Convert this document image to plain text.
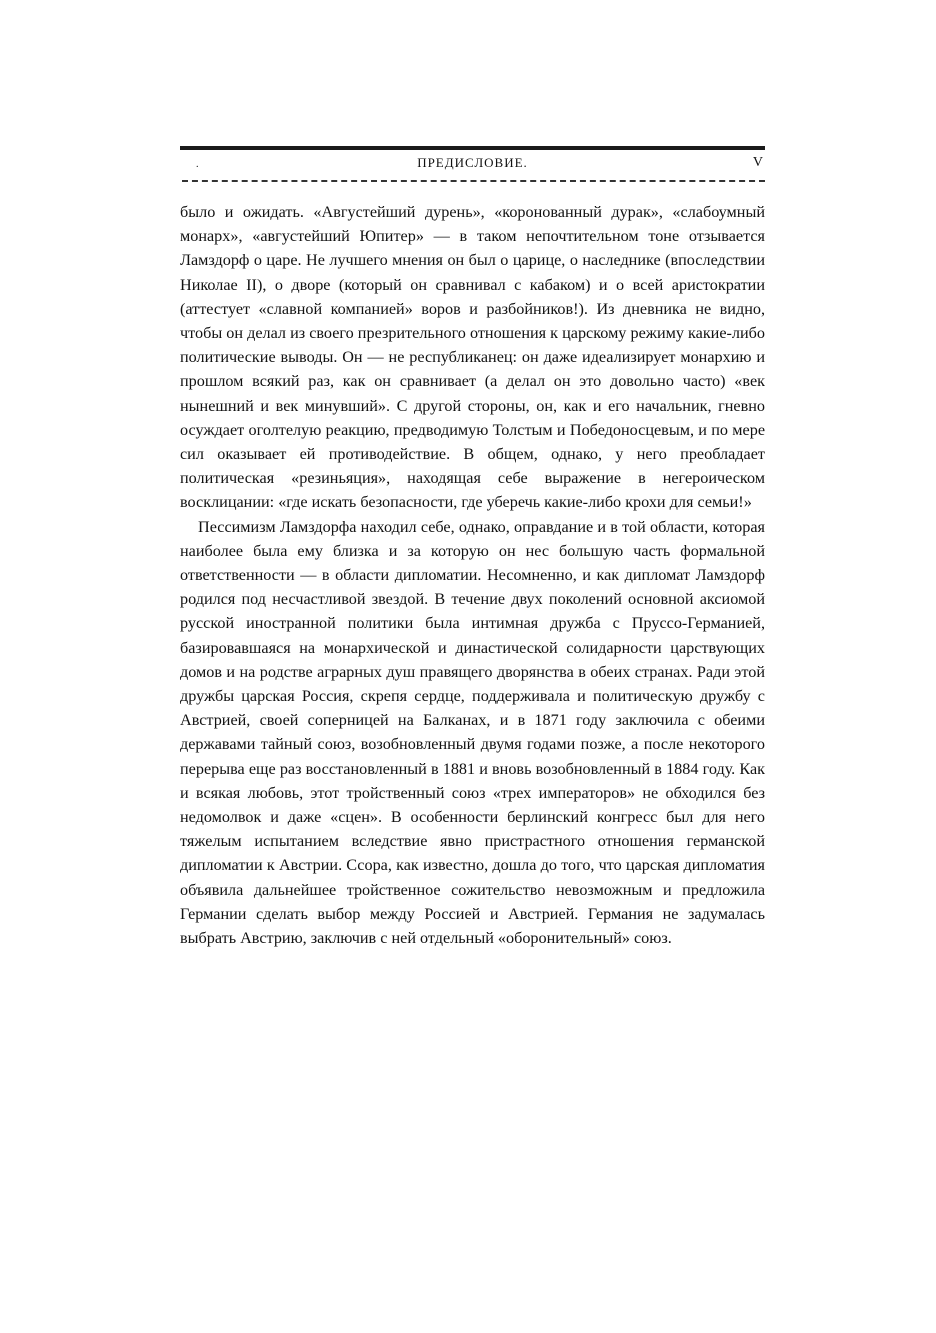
.	ПРЕДИСЛОВИЕ.	V

было и ожидать. «Августейший дурень», «коронованный дурак», «слабоумный монарх», «августейший Юпитер» — в таком непочтительном тоне отзывается Ламздорф о царе. Не лучшего мнения он был о царице, о наследнике (впоследствии Николае II), о дворе (который он сравнивал с кабаком) и о всей аристократии (аттестует «славной компанией» воров и разбойников!). Из дневника не видно, чтобы он делал из своего презрительного отношения к царскому режиму какие-либо политические выводы. Он — не республиканец: он даже идеализирует монархию и прошлом всякий раз, как он сравнивает (а делал он это довольно часто) «век нынешний и век минувший». С другой стороны, он, как и его начальник, гневно осуждает оголтелую реакцию, предводимую Толстым и Победоносцевым, и по мере сил оказывает ей противодействие. В общем, однако, у него преобладает политическая «резиньяция», находящая себе выражение в негероическом восклицании: «где искать безопасности, где уберечь какие-либо крохи для семьи!»

Пессимизм Ламздорфа находил себе, однако, оправдание и в той области, которая наиболее была ему близка и за которую он нес большую часть формальной ответственности — в области дипломатии. Несомненно, и как дипломат Ламздорф родился под несчастливой звездой. В течение двух поколений основной аксиомой русской иностранной политики была интимная дружба с Пруссо-Германией, базировавшаяся на монархической и династической солидарности царствующих домов и на родстве аграрных душ правящего дворянства в обеих странах. Ради этой дружбы царская Россия, скрепя сердце, поддерживала и политическую дружбу с Австрией, своей соперницей на Балканах, и в 1871 году заключила с обеими державами тайный союз, возобновленный двумя годами позже, а после некоторого перерыва еще раз восстановленный в 1881 и вновь возобновленный в 1884 году. Как и всякая любовь, этот тройственный союз «трех императоров» не обходился без недомолвок и даже «сцен». В особенности берлинский конгресс был для него тяжелым испытанием вследствие явно пристрастного отношения германской дипломатии к Австрии. Ссора, как известно, дошла до того, что царская дипломатия объявила дальнейшее тройственное сожительство невозможным и предложила Германии сделать выбор между Россией и Австрией. Германия не задумалась выбрать Австрию, заключив с ней отдельный «оборонительный» союз.
